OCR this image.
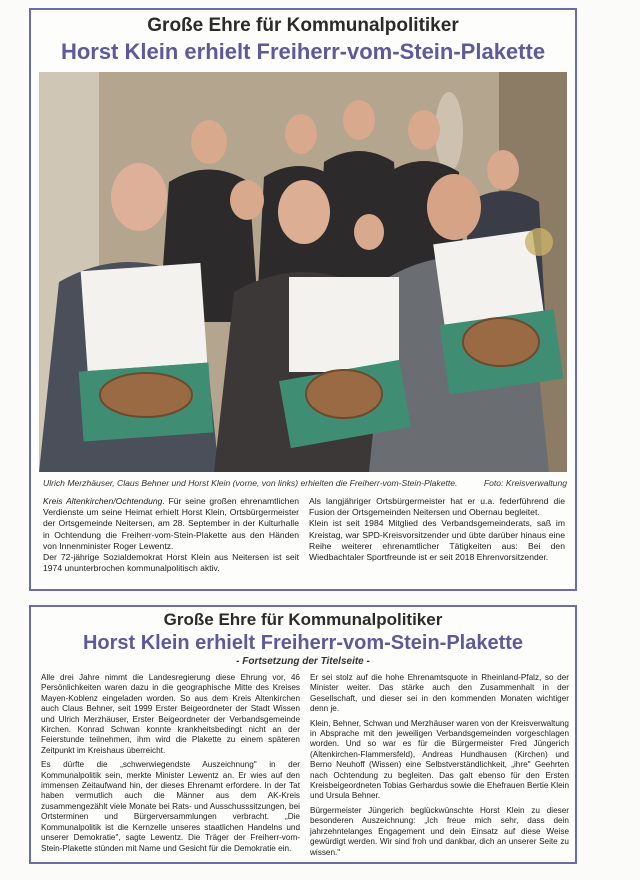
Große Ehre für Kommunalpolitiker
Horst Klein erhielt Freiherr-vom-Stein-Plakette
Ulrich Merzhäuser, Claus Behner und Horst Klein (vorne, von links) erhielten die Freiherr-vom-Stein-Plakette.	Foto: Kreisverwaltung

Kreis Altenkirchen/Ochtendung. Für seine großen ehrenamtlichen Verdienste um seine Heimat erhielt Horst Klein, Ortsbürgermeister der Ortsgemeinde Neitersen, am 28. September in der Kulturhalle in Ochtendung die Freiherr-vom-Stein-Plakette aus den Händen von Innenminister Roger Lewentz.

Der 72-jährige Sozialdemokrat Horst Klein aus Neitersen ist seit 1974 ununterbrochen kommunalpolitisch aktiv.

Als langjähriger Ortsbürgermeister hat er u.a. federführend die Fusion der Ortsgemeinden Neitersen und Obernau begleitet.

Klein ist seit 1984 Mitglied des Verbandsgemeinderats, saß im Kreistag, war SPD-Kreisvorsitzender und übte darüber hinaus eine Reihe weiterer ehrenamtlicher Tätigkeiten aus: Bei den Wiedbachtaler Sportfreunde ist er seit 2018 Ehrenvorsitzender.

Große Ehre für Kommunalpolitiker
Horst Klein erhielt Freiherr-vom-Stein-Plakette
- Fortsetzung der Titelseite -

Alle drei Jahre nimmt die Landesregierung diese Ehrung vor, 46 Persönlichkeiten waren dazu in die geographische Mitte des Kreises Mayen-Koblenz eingeladen worden. So aus dem Kreis Altenkirchen auch Claus Behner, seit 1999 Erster Beigeordneter der Stadt Wissen und Ulrich Merzhäuser, Erster Beigeordneter der Verbandsgemeinde Kirchen. Konrad Schwan konnte krankheitsbedingt nicht an der Feierstunde teilnehmen, ihm wird die Plakette zu einem späteren Zeitpunkt im Kreishaus überreicht.

Es dürfte die „schwerwiegendste Auszeichnung" in der Kommunalpolitik sein, merkte Minister Lewentz an. Er wies auf den immensen Zeitaufwand hin, der dieses Ehrenamt erfordere. In der Tat haben vermutlich auch die Männer aus dem AK-Kreis zusammengezählt viele Monate bei Rats- und Ausschusssitzungen, bei Ortsterminen und Bürgerversammlungen verbracht. „Die Kommunalpolitik ist die Kernzelle unseres staatlichen Handelns und unserer Demokratie", sagte Lewentz. Die Träger der Freiherr-vom-Stein-Plakette stünden mit Name und Gesicht für die Demokratie ein.

Er sei stolz auf die hohe Ehrenamtsquote in Rheinland-Pfalz, so der Minister weiter. Das stärke auch den Zusammenhalt in der Gesellschaft, und dieser sei in den kommenden Monaten wichtiger denn je.

Klein, Behner, Schwan und Merzhäuser waren von der Kreisverwaltung in Absprache mit den jeweiligen Verbandsgemeinden vorgeschlagen worden. Und so war es für die Bürgermeister Fred Jüngerich (Altenkirchen-Flammersfeld), Andreas Hundhausen (Kirchen) und Berno Neuhoff (Wissen) eine Selbstverständlichkeit, „ihre" Geehrten nach Ochtendung zu begleiten. Das galt ebenso für den Ersten Kreisbeigeordneten Tobias Gerhardus sowie die Ehefrauen Bertie Klein und Ursula Behner.

Bürgermeister Jüngerich beglückwünschte Horst Klein zu dieser besonderen Auszeichnung: „Ich freue mich sehr, dass dein jahrzehntelanges Engagement und dein Einsatz auf diese Weise gewürdigt werden. Wir sind froh und dankbar, dich an unserer Seite zu wissen."
